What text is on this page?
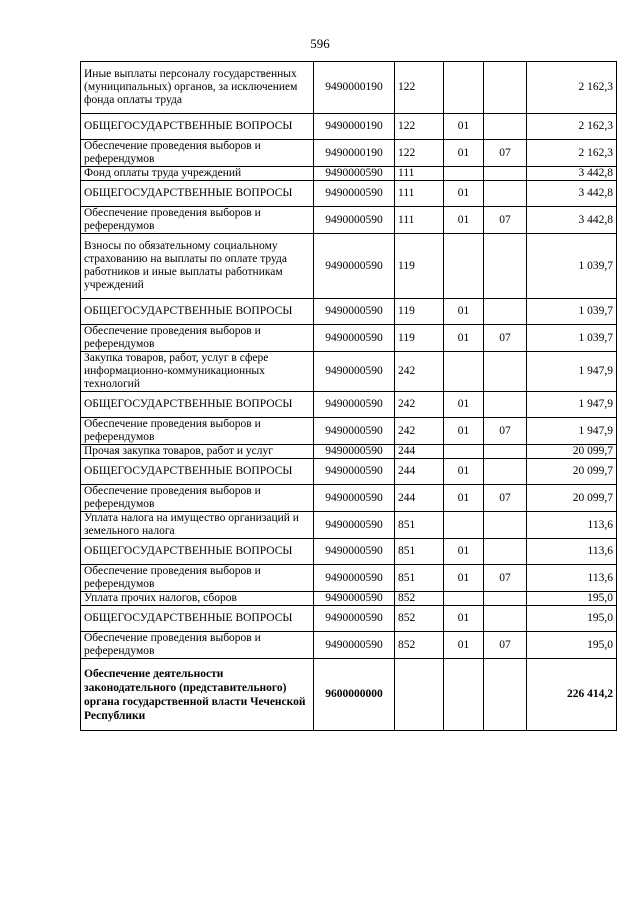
596
Иные выплаты персоналу государственных (муниципальных) органов, за исключением фонда оплаты труда	9490000190	122			2 162,3
ОБЩЕГОСУДАРСТВЕННЫЕ ВОПРОСЫ	9490000190	122	01		2 162,3
Обеспечение проведения выборов и референдумов	9490000190	122	01	07	2 162,3
Фонд оплаты труда учреждений	9490000590	111			3 442,8
ОБЩЕГОСУДАРСТВЕННЫЕ ВОПРОСЫ	9490000590	111	01		3 442,8
Обеспечение проведения выборов и референдумов	9490000590	111	01	07	3 442,8
Взносы по обязательному социальному страхованию на выплаты по оплате труда работников и иные выплаты работникам учреждений	9490000590	119			1 039,7
ОБЩЕГОСУДАРСТВЕННЫЕ ВОПРОСЫ	9490000590	119	01		1 039,7
Обеспечение проведения выборов и референдумов	9490000590	119	01	07	1 039,7
Закупка товаров, работ, услуг в сфере информационно-коммуникационных технологий	9490000590	242			1 947,9
ОБЩЕГОСУДАРСТВЕННЫЕ ВОПРОСЫ	9490000590	242	01		1 947,9
Обеспечение проведения выборов и референдумов	9490000590	242	01	07	1 947,9
Прочая закупка товаров, работ и услуг	9490000590	244			20 099,7
ОБЩЕГОСУДАРСТВЕННЫЕ ВОПРОСЫ	9490000590	244	01		20 099,7
Обеспечение проведения выборов и референдумов	9490000590	244	01	07	20 099,7
Уплата налога на имущество организаций и земельного налога	9490000590	851			113,6
ОБЩЕГОСУДАРСТВЕННЫЕ ВОПРОСЫ	9490000590	851	01		113,6
Обеспечение проведения выборов и референдумов	9490000590	851	01	07	113,6
Уплата прочих налогов, сборов	9490000590	852			195,0
ОБЩЕГОСУДАРСТВЕННЫЕ ВОПРОСЫ	9490000590	852	01		195,0
Обеспечение проведения выборов и референдумов	9490000590	852	01	07	195,0
Обеспечение деятельности законодательного (представительного) органа государственной власти Чеченской Республики	9600000000				226 414,2
